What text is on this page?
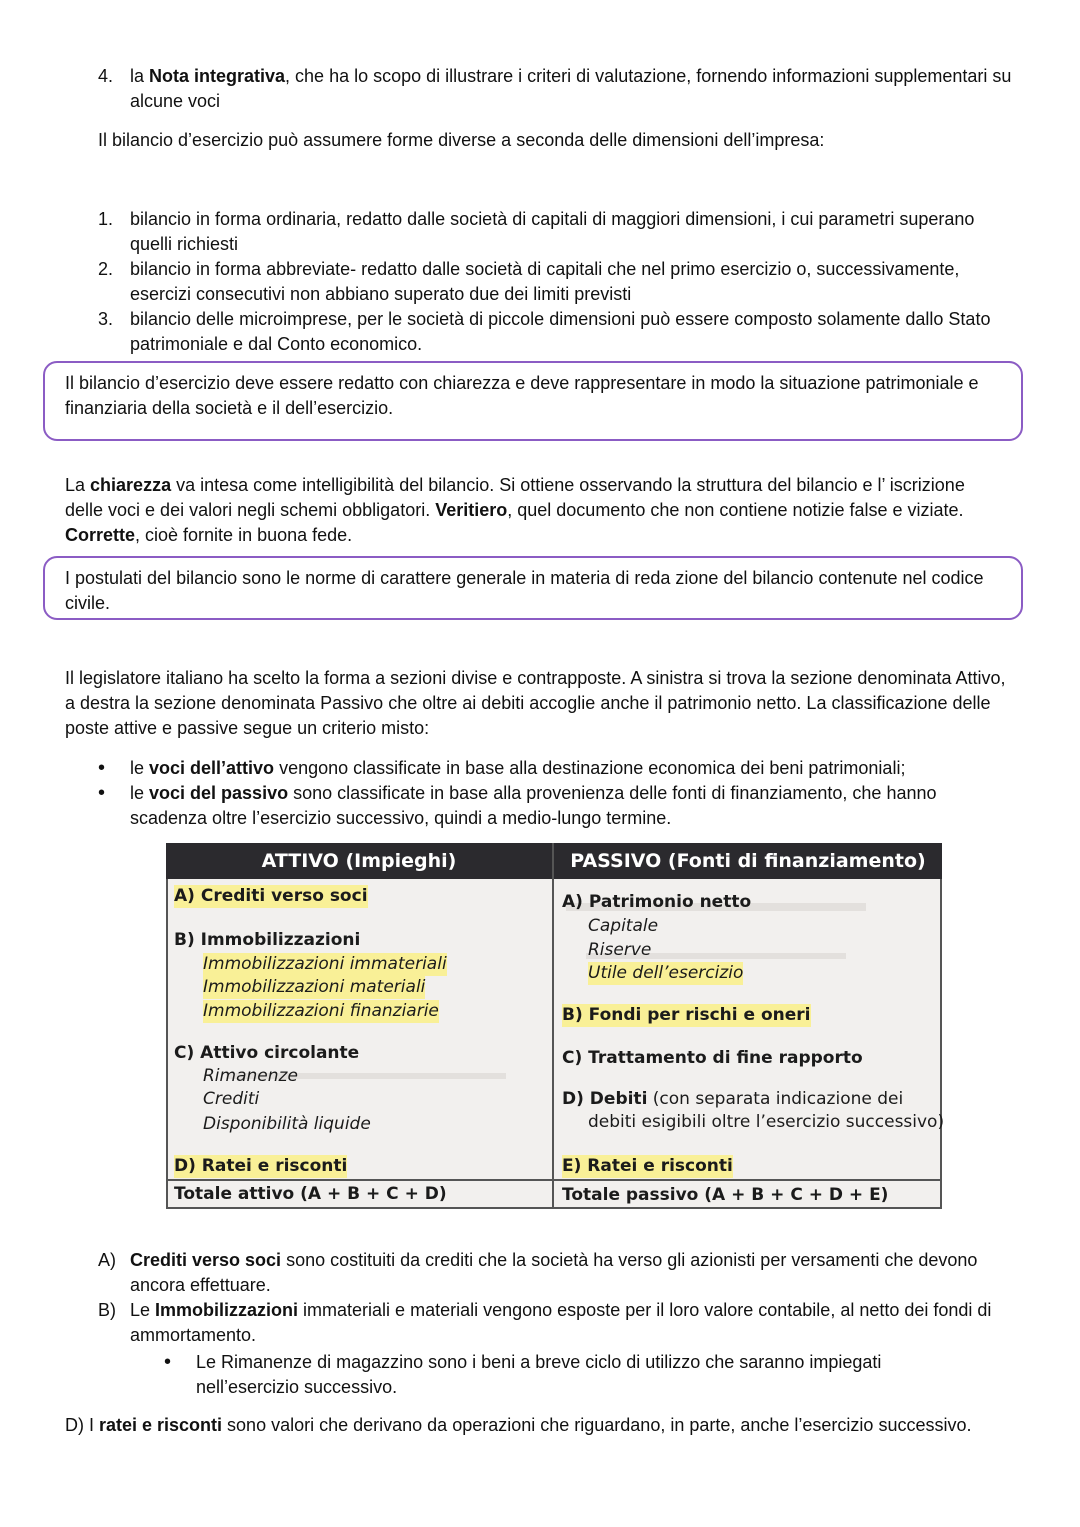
4. la Nota integrativa, che ha lo scopo di illustrare i criteri di valutazione, fornendo informazioni supplementari su alcune voci
Il bilancio d’esercizio può assumere forme diverse a seconda delle dimensioni dell’impresa:
1. bilancio in forma ordinaria, redatto dalle società di capitali di maggiori dimensioni, i cui parametri superano quelli richiesti
2. bilancio in forma abbreviate- redatto dalle società di capitali che nel primo esercizio o, successivamente, esercizi consecutivi non abbiano superato due dei limiti previsti
3. bilancio delle microimprese, per le società di piccole dimensioni può essere composto solamente dallo Stato patrimoniale e dal Conto economico.
Il bilancio d’esercizio deve essere redatto con chiarezza e deve rappresentare in modo la situazione patrimoniale e finanziaria della società e il dell’esercizio.
La chiarezza va intesa come intelligibilità del bilancio. Si ottiene osservando la struttura del bilancio e l’ iscrizione delle voci e dei valori negli schemi obbligatori. Veritiero, quel documento che non contiene notizie false e viziate. Corrette, cioè fornite in buona fede.
I postulati del bilancio sono le norme di carattere generale in materia di reda zione del bilancio contenute nel codice civile.
Il legislatore italiano ha scelto la forma a sezioni divise e contrapposte. A sinistra si trova la sezione denominata Attivo, a destra la sezione denominata Passivo che oltre ai debiti accoglie anche il patrimonio netto. La classificazione delle poste attive e passive segue un criterio misto:
• le voci dell’attivo vengono classificate in base alla destinazione economica dei beni patrimoniali;
• le voci del passivo sono classificate in base alla provenienza delle fonti di finanziamento, che hanno scadenza oltre l’esercizio successivo, quindi a medio-lungo termine.
ATTIVO (Impieghi)	PASSIVO (Fonti di finanziamento)
A) Crediti verso soci
B) Immobilizzazioni
Immobilizzazioni immateriali
Immobilizzazioni materiali
Immobilizzazioni finanziarie
C) Attivo circolante
Rimanenze
Crediti
Disponibilità liquide
D) Ratei e risconti
Totale attivo (A + B + C + D)
A) Patrimonio netto
Capitale
Riserve
Utile dell’esercizio
B) Fondi per rischi e oneri
C) Trattamento di fine rapporto
D) Debiti (con separata indicazione dei
debiti esigibili oltre l’esercizio successivo)
E) Ratei e risconti
Totale passivo (A + B + C + D + E)
A) Crediti verso soci sono costituiti da crediti che la società ha verso gli azionisti per versamenti che devono ancora effettuare.
B) Le Immobilizzazioni immateriali e materiali vengono esposte per il loro valore contabile, al netto dei fondi di ammortamento.
• Le Rimanenze di magazzino sono i beni a breve ciclo di utilizzo che saranno impiegati nell’esercizio successivo.
D) I ratei e risconti sono valori che derivano da operazioni che riguardano, in parte, anche l’esercizio successivo.
